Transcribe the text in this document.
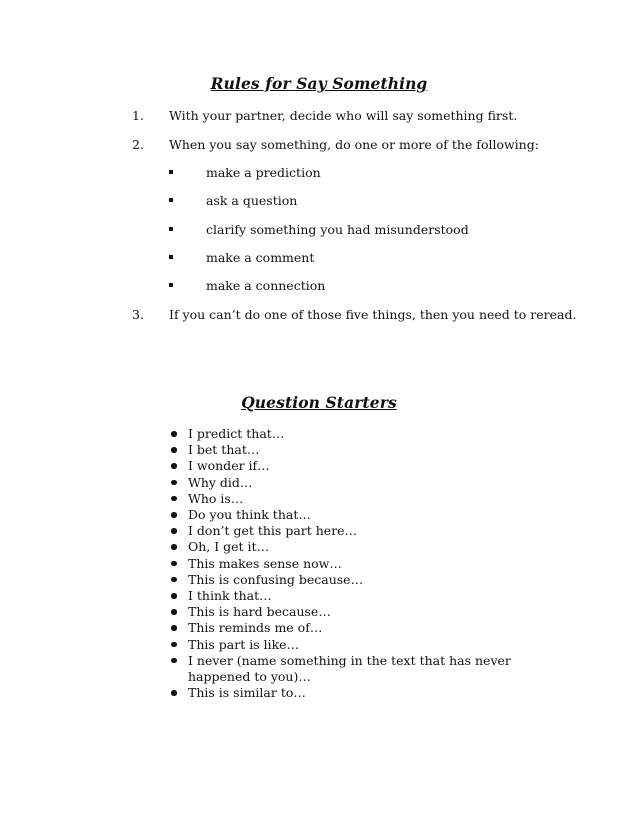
Rules for Say Something
1. With your partner, decide who will say something first.
2. When you say something, do one or more of the following:
make a prediction
ask a question
clarify something you had misunderstood
make a comment
make a connection
3. If you can’t do one of those five things, then you need to reread.
Question Starters
I predict that…
I bet that…
I wonder if…
Why did…
Who is…
Do you think that…
I don’t get this part here…
Oh, I get it…
This makes sense now…
This is confusing because…
I think that…
This is hard because…
This reminds me of…
This part is like…
I never (name something in the text that has never happened to you)…
This is similar to…
